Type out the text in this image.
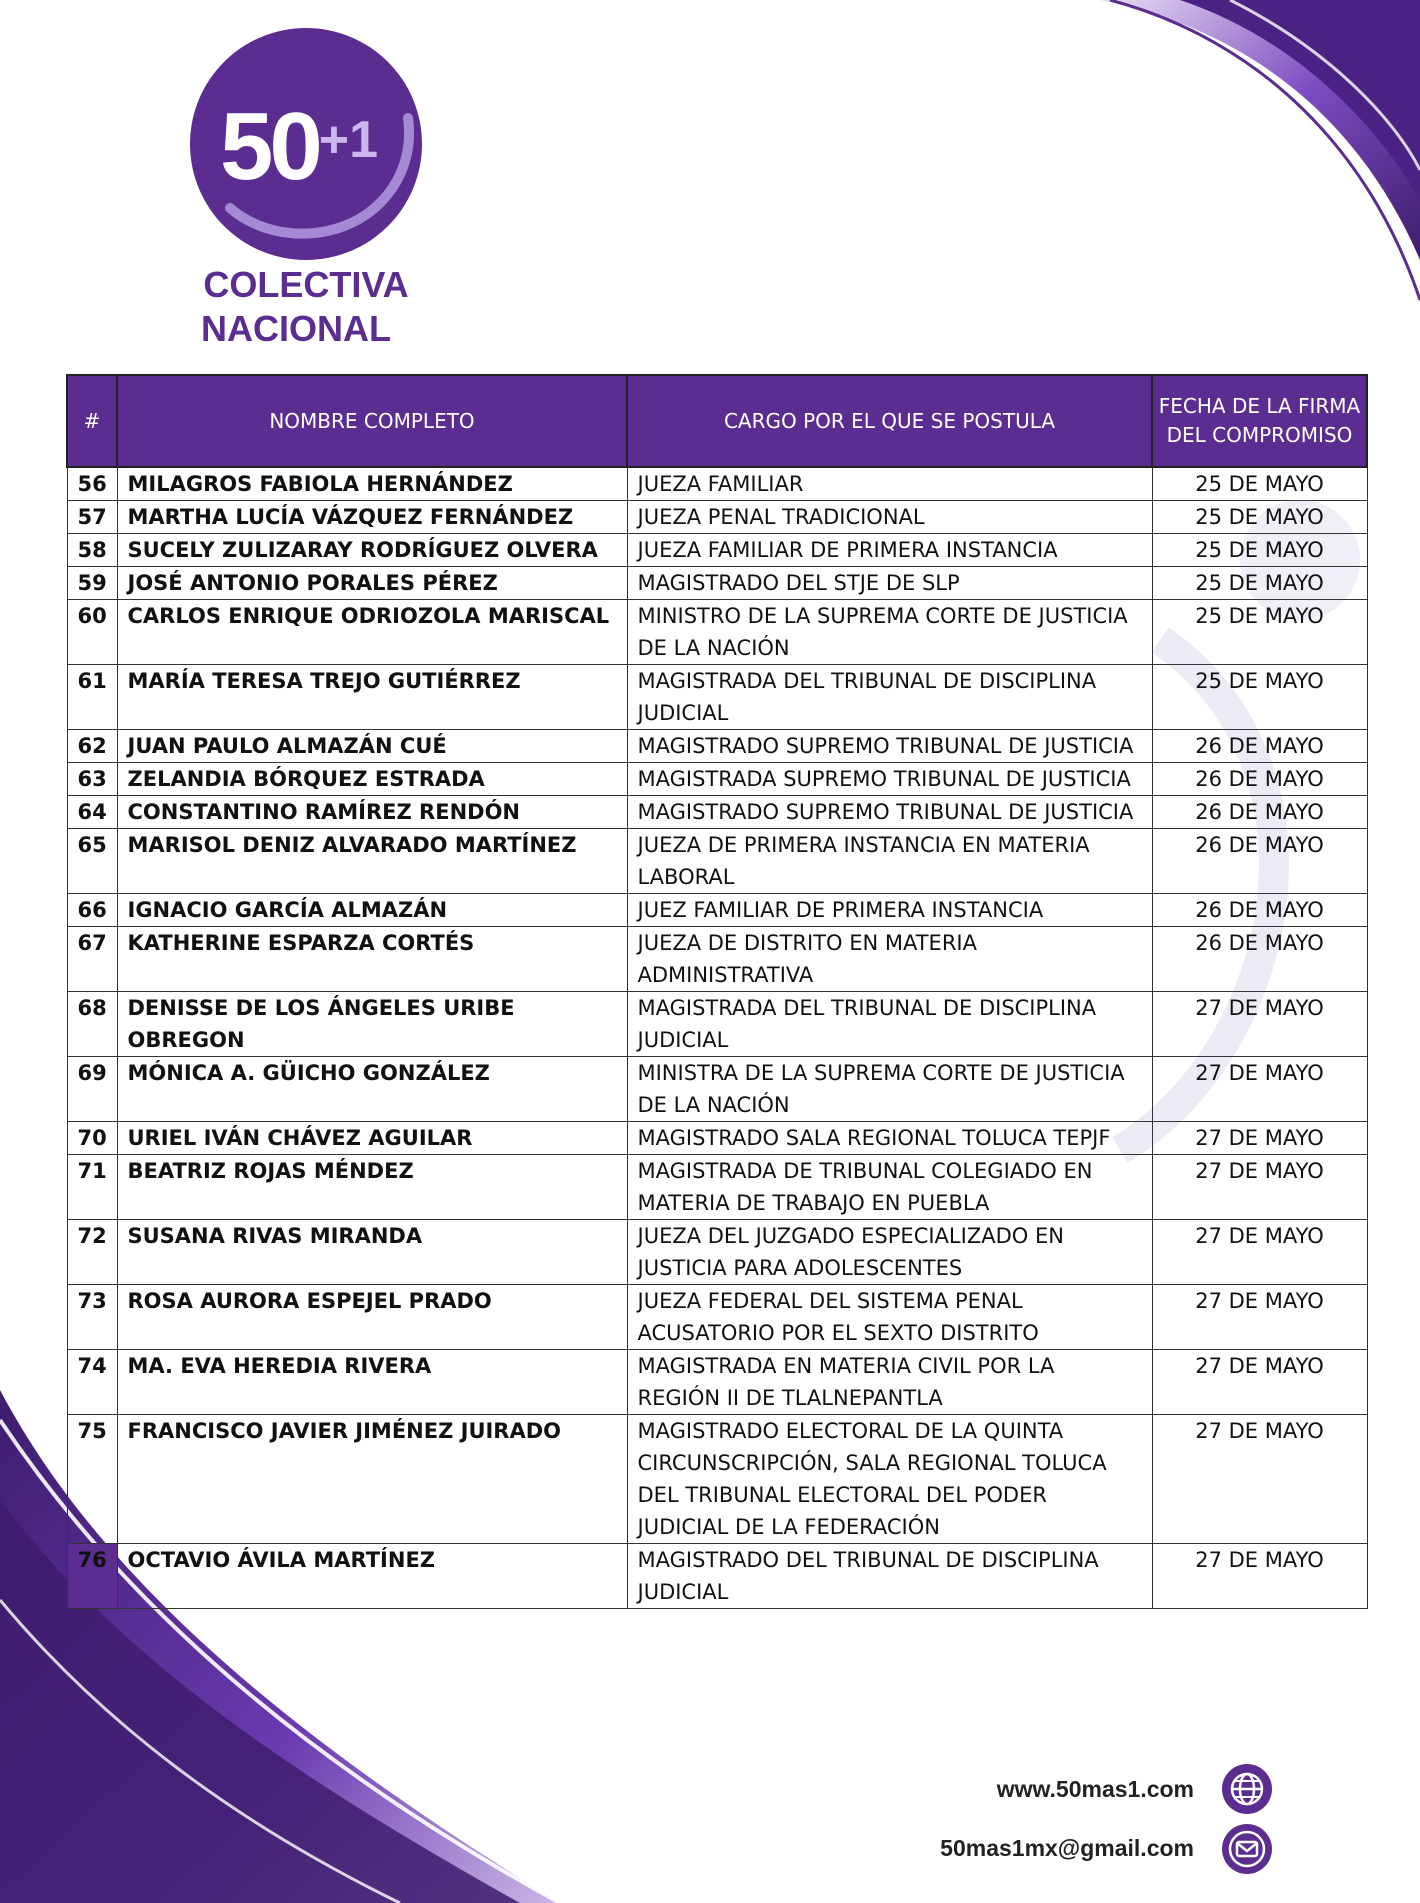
$50^{+1}$
COLECTIVA
NACIONAL
#	NOMBRE COMPLETO	CARGO POR EL QUE SE POSTULA	FECHA DE LA FIRMA DEL COMPROMISO
56	MILAGROS FABIOLA HERNÁNDEZ	JUEZA FAMILIAR	25 DE MAYO
57	MARTHA LUCÍA VÁZQUEZ FERNÁNDEZ	JUEZA PENAL TRADICIONAL	25 DE MAYO
58	SUCELY ZULIZARAY RODRÍGUEZ OLVERA	JUEZA FAMILIAR DE PRIMERA INSTANCIA	25 DE MAYO
59	JOSÉ ANTONIO PORALES PÉREZ	MAGISTRADO DEL STJE DE SLP	25 DE MAYO
60	CARLOS ENRIQUE ODRIOZOLA MARISCAL	MINISTRO DE LA SUPREMA CORTE DE JUSTICIA DE LA NACIÓN	25 DE MAYO
61	MARÍA TERESA TREJO GUTIÉRREZ	MAGISTRADA DEL TRIBUNAL DE DISCIPLINA JUDICIAL	25 DE MAYO
62	JUAN PAULO ALMAZÁN CUÉ	MAGISTRADO SUPREMO TRIBUNAL DE JUSTICIA	26 DE MAYO
63	ZELANDIA BÓRQUEZ ESTRADA	MAGISTRADA SUPREMO TRIBUNAL DE JUSTICIA	26 DE MAYO
64	CONSTANTINO RAMÍREZ RENDÓN	MAGISTRADO SUPREMO TRIBUNAL DE JUSTICIA	26 DE MAYO
65	MARISOL DENIZ ALVARADO MARTÍNEZ	JUEZA DE PRIMERA INSTANCIA EN MATERIA LABORAL	26 DE MAYO
66	IGNACIO GARCÍA ALMAZÁN	JUEZ FAMILIAR DE PRIMERA INSTANCIA	26 DE MAYO
67	KATHERINE ESPARZA CORTÉS	JUEZA DE DISTRITO EN MATERIA ADMINISTRATIVA	26 DE MAYO
68	DENISSE DE LOS ÁNGELES URIBE OBREGON	MAGISTRADA DEL TRIBUNAL DE DISCIPLINA JUDICIAL	27 DE MAYO
69	MÓNICA A. GÜICHO GONZÁLEZ	MINISTRA DE LA SUPREMA CORTE DE JUSTICIA DE LA NACIÓN	27 DE MAYO
70	URIEL IVÁN CHÁVEZ AGUILAR	MAGISTRADO SALA REGIONAL TOLUCA TEPJF	27 DE MAYO
71	BEATRIZ ROJAS MÉNDEZ	MAGISTRADA DE TRIBUNAL COLEGIADO EN MATERIA DE TRABAJO EN PUEBLA	27 DE MAYO
72	SUSANA RIVAS MIRANDA	JUEZA DEL JUZGADO ESPECIALIZADO EN JUSTICIA PARA ADOLESCENTES	27 DE MAYO
73	ROSA AURORA ESPEJEL PRADO	JUEZA FEDERAL DEL SISTEMA PENAL ACUSATORIO POR EL SEXTO DISTRITO	27 DE MAYO
74	MA. EVA HEREDIA RIVERA	MAGISTRADA EN MATERIA CIVIL POR LA REGIÓN II DE TLALNEPANTLA	27 DE MAYO
75	FRANCISCO JAVIER JIMÉNEZ JUIRADO	MAGISTRADO ELECTORAL DE LA QUINTA CIRCUNSCRIPCIÓN, SALA REGIONAL TOLUCA DEL TRIBUNAL ELECTORAL DEL PODER JUDICIAL DE LA FEDERACIÓN	27 DE MAYO
76	OCTAVIO ÁVILA MARTÍNEZ	MAGISTRADO DEL TRIBUNAL DE DISCIPLINA JUDICIAL	27 DE MAYO
www.50mas1.com
50mas1mx@gmail.com
